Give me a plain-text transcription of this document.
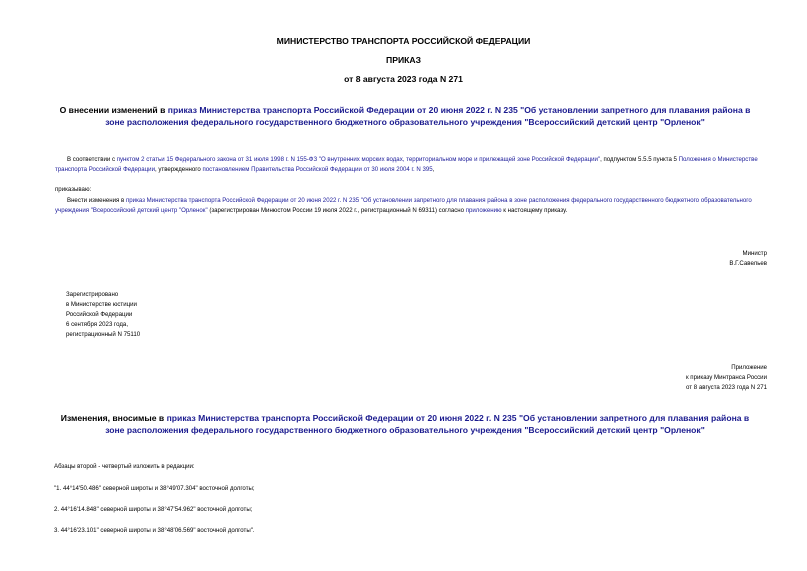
МИНИСТЕРСТВО ТРАНСПОРТА РОССИЙСКОЙ ФЕДЕРАЦИИ
ПРИКАЗ
от 8 августа 2023 года N 271
О внесении изменений в приказ Министерства транспорта Российской Федерации от 20 июня 2022 г. N 235 "Об установлении запретного для плавания района в зоне расположения федерального государственного бюджетного образовательного учреждения "Всероссийский детский центр "Орленок"
В соответствии с пунктом 2 статьи 15 Федерального закона от 31 июля 1998 г. N 155-ФЗ "О внутренних морских водах, территориальном море и прилежащей зоне Российской Федерации", подпунктом 5.5.5 пункта 5 Положения о Министерстве транспорта Российской Федерации, утвержденного постановлением Правительства Российской Федерации от 30 июля 2004 г. N 395,
приказываю:
Внести изменения в приказ Министерства транспорта Российской Федерации от 20 июня 2022 г. N 235 "Об установлении запретного для плавания района в зоне расположения федерального государственного бюджетного образовательного учреждения "Всероссийский детский центр "Орленок" (зарегистрирован Минюстом России 19 июля 2022 г., регистрационный N 69311) согласно приложению к настоящему приказу.
Министр
В.Г.Савельев
Зарегистрировано
в Министерстве юстиции
Российской Федерации
6 сентября 2023 года,
регистрационный N 75110
Приложение
к приказу Минтранса России
от 8 августа 2023 года N 271
Изменения, вносимые в приказ Министерства транспорта Российской Федерации от 20 июня 2022 г. N 235 "Об установлении запретного для плавания района в зоне расположения федерального государственного бюджетного образовательного учреждения "Всероссийский детский центр "Орленок"
Абзацы второй - четвертый изложить в редакции:
"1. 44°14'50.486" северной широты и 38°49'07.304" восточной долготы;
2. 44°16'14.848" северной широты и 38°47'54.962" восточной долготы;
3. 44°16'23.101" северной широты и 38°48'06.569" восточной долготы".
